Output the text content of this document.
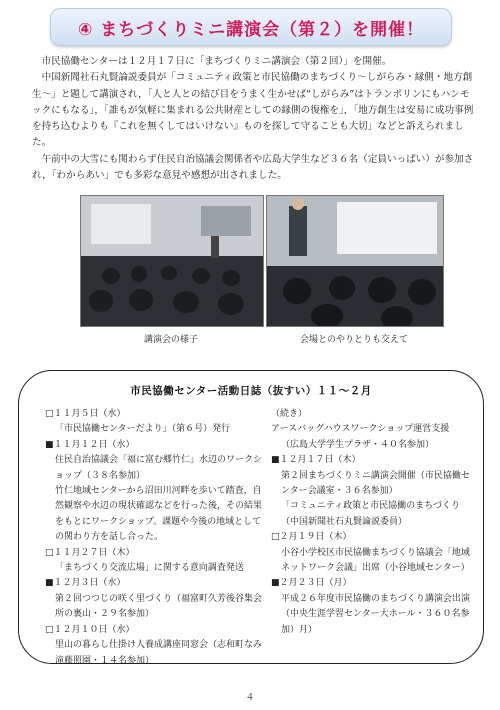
④ まちづくりミニ講演会（第２）を開催！

市民協働センターは１２月１７日に「まちづくりミニ講演会（第２回）」を開催。

中国新聞社石丸賢論説委員が「コミュニティ政策と市民協働のまちづくり〜しがらみ・縁側・地方創生〜」と題して講演され，「人と人との結び目をうまく生かせば“しがらみ”はトランポリンにもハンモックにもなる」，「誰もが気軽に集まれる公共財産としての縁側の復権を」，「地方創生は安易に成功事例を持ち込むよりも『これを無くしてはいけない』ものを探して守ることも大切」などと訴えられました。

午前中の大雪にも関わらず住民自治協議会関係者や広島大学生など３６名（定員いっぱい）が参加され，「わからあい」でも多彩な意見や感想が出されました。

講演会の様子	会場とのやりとりも交えて
市民協働センター活動日誌（抜すい）１１〜２月
□１１月５日（水）
「市民協働センターだより」（第６号）発行
■１１月１２日（水）
住民自治協議会「福に富む郷竹仁」水辺のワークショップ（３８名参加）
竹仁地域センターから沼田川河畔を歩いて踏査，自然観察や水辺の現状確認などを行った後，その結果をもとにワークショップ。課題や今後の地域としての関わり方を話し合った。
□１１月２７日（木）
「まちづくり交流広場」に関する意向調査発送
■１２月３日（水）
第２回つつじの咲く里づくり（福富町久芳後谷集会所の裏山・２９名参加）
□１２月１０日（水）
里山の暮らし仕掛け人養成講座同窓会（志和町なみ滝藤照園・１４名参加）
（続き）
アースバッグハウスワークショップ運営支援
（広島大学学生プラザ・４０名参加）
■１２月１７日（木）
第２回まちづくりミニ講演会開催（市民協働センター会議室・３６名参加）
「コミュニティ政策と市民協働のまちづくり（中国新聞社石丸賢論説委員）
□２月１９日（木）
小谷小学校区市民協働まちづくり協議会「地域ネットワーク会議」出席（小谷地域センター）
■２月２３日（月）
平成２６年度市民協働のまちづくり講演会出演（中央生涯学習センター大ホール・３６０名参加）月）
４
